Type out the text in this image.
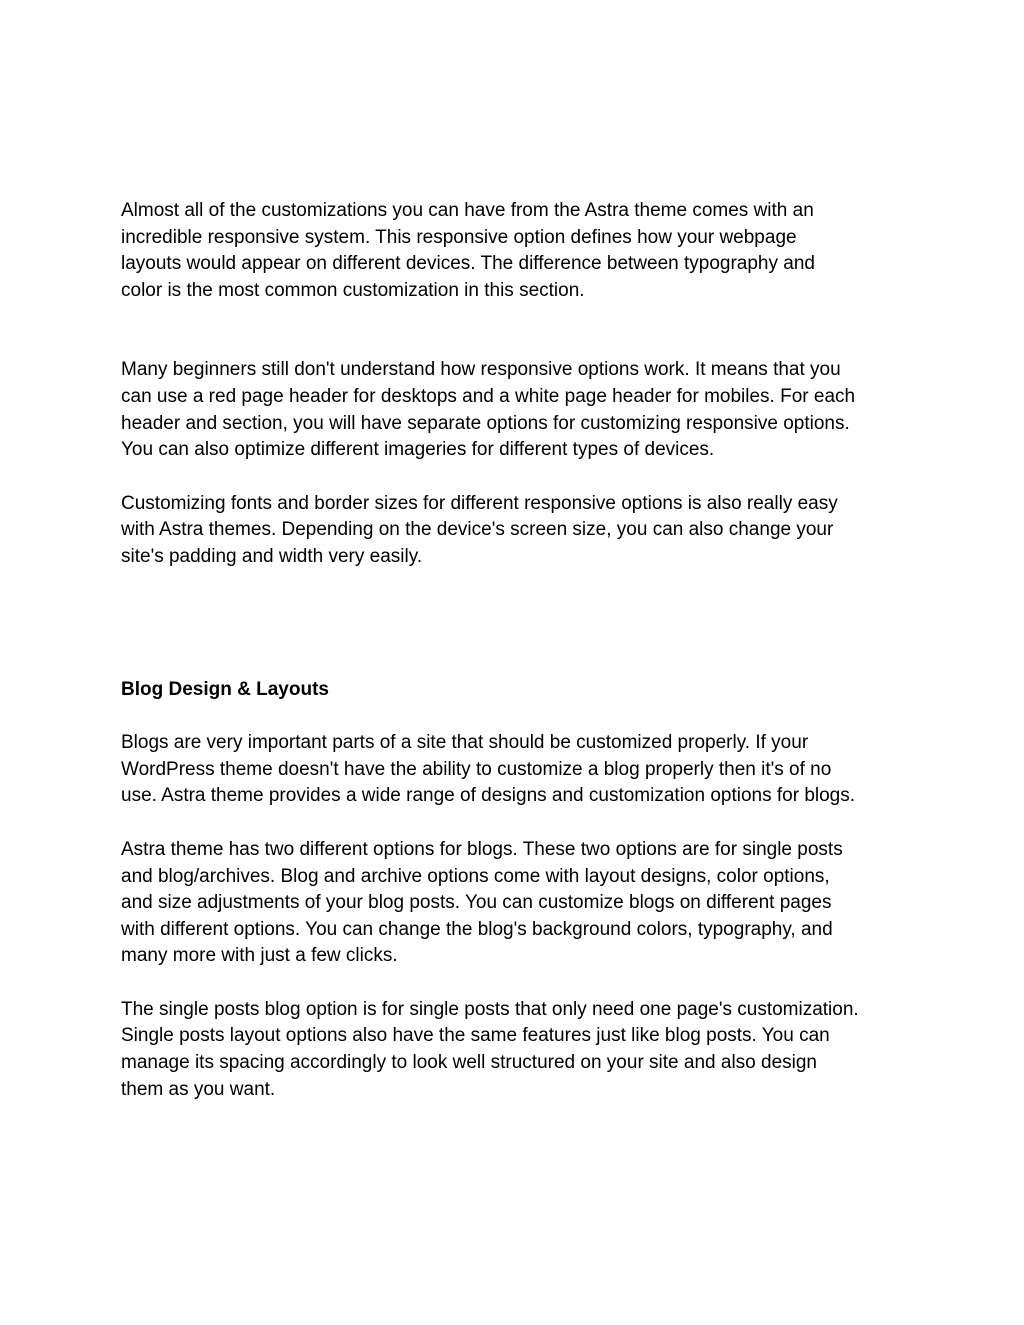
Almost all of the customizations you can have from the Astra theme comes with an
incredible responsive system. This responsive option defines how your webpage
layouts would appear on different devices. The difference between typography and
color is the most common customization in this section.

Many beginners still don't understand how responsive options work. It means that you
can use a red page header for desktops and a white page header for mobiles. For each
header and section, you will have separate options for customizing responsive options.
You can also optimize different imageries for different types of devices.

Customizing fonts and border sizes for different responsive options is also really easy
with Astra themes. Depending on the device's screen size, you can also change your
site's padding and width very easily.

Blog Design & Layouts

Blogs are very important parts of a site that should be customized properly. If your
WordPress theme doesn't have the ability to customize a blog properly then it's of no
use. Astra theme provides a wide range of designs and customization options for blogs.

Astra theme has two different options for blogs. These two options are for single posts
and blog/archives. Blog and archive options come with layout designs, color options,
and size adjustments of your blog posts. You can customize blogs on different pages
with different options. You can change the blog's background colors, typography, and
many more with just a few clicks.

The single posts blog option is for single posts that only need one page's customization.
Single posts layout options also have the same features just like blog posts. You can
manage its spacing accordingly to look well structured on your site and also design
them as you want.
